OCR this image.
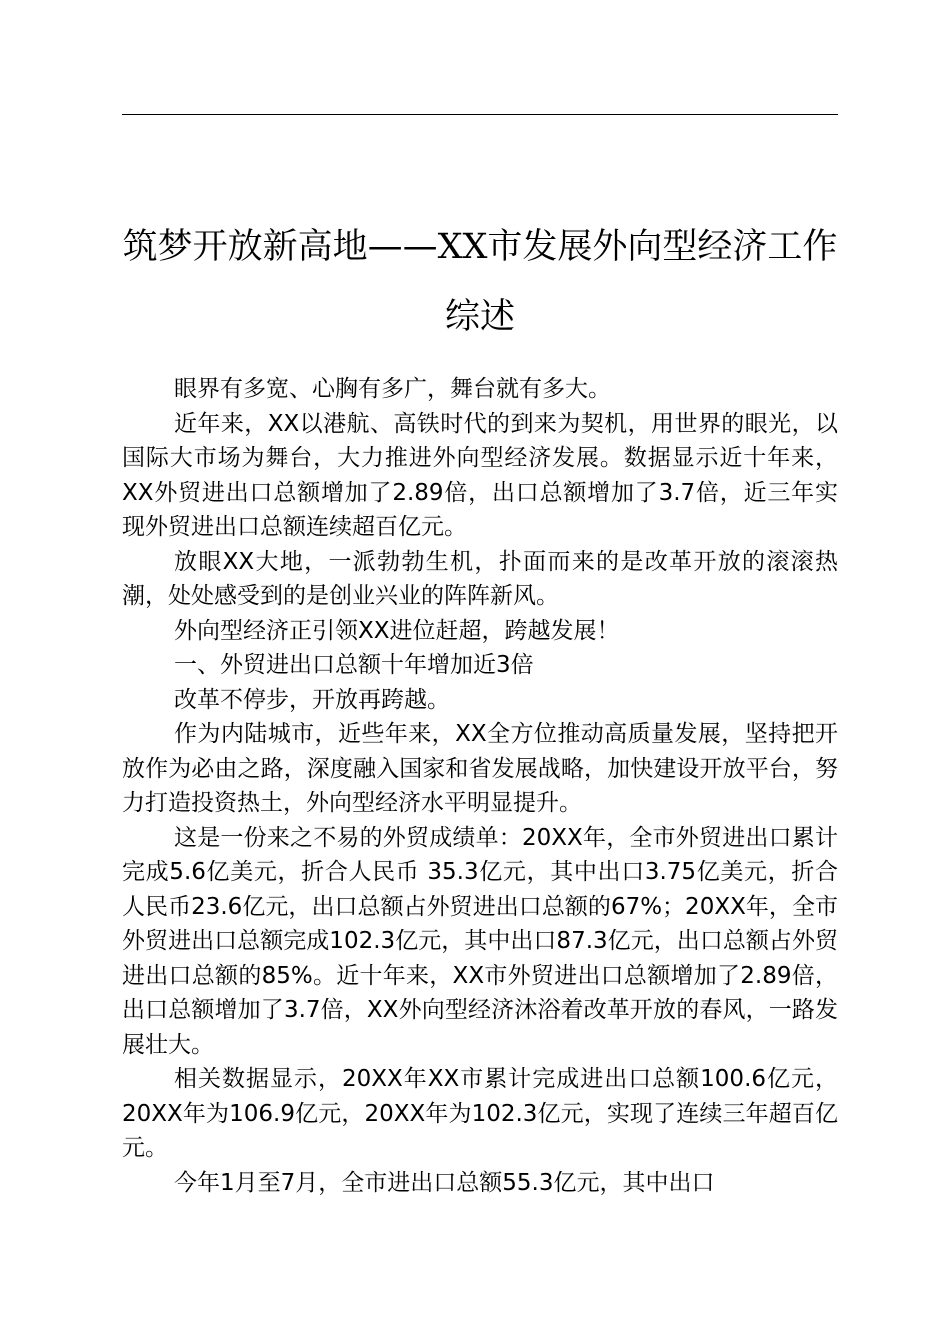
筑梦开放新高地——XX市发展外向型经济工作综述

眼界有多宽、心胸有多广，舞台就有多大。

近年来，XX以港航、高铁时代的到来为契机，用世界的眼光，以国际大市场为舞台，大力推进外向型经济发展。数据显示近十年来，XX外贸进出口总额增加了2.89倍，出口总额增加了3.7倍，近三年实现外贸进出口总额连续超百亿元。

放眼XX大地，一派勃勃生机，扑面而来的是改革开放的滚滚热潮，处处感受到的是创业兴业的阵阵新风。

外向型经济正引领XX进位赶超，跨越发展！

一、外贸进出口总额十年增加近3倍

改革不停步，开放再跨越。

作为内陆城市，近些年来，XX全方位推动高质量发展，坚持把开放作为必由之路，深度融入国家和省发展战略，加快建设开放平台，努力打造投资热土，外向型经济水平明显提升。

这是一份来之不易的外贸成绩单：20XX年，全市外贸进出口累计完成5.6亿美元，折合人民币 35.3亿元，其中出口3.75亿美元，折合人民币23.6亿元，出口总额占外贸进出口总额的67%；20XX年，全市外贸进出口总额完成102.3亿元，其中出口87.3亿元，出口总额占外贸进出口总额的85%。近十年来，XX市外贸进出口总额增加了2.89倍，出口总额增加了3.7倍，XX外向型经济沐浴着改革开放的春风，一路发展壮大。

相关数据显示，20XX年XX市累计完成进出口总额100.6亿元，20XX年为106.9亿元，20XX年为102.3亿元，实现了连续三年超百亿元。

今年1月至7月，全市进出口总额55.3亿元，其中出口
